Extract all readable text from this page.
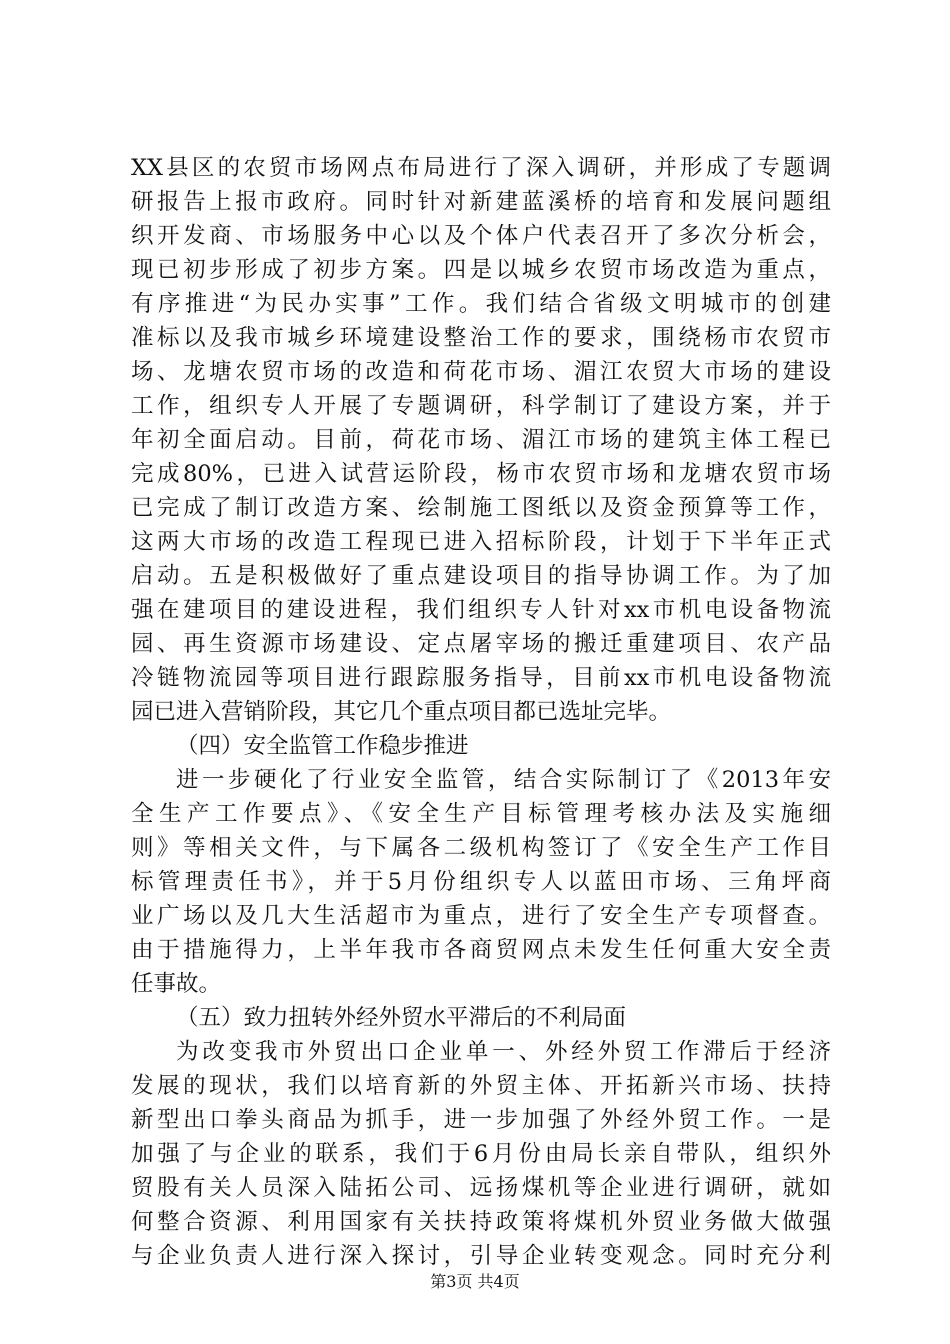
XX县区的农贸市场网点布局进行了深入调研，并形成了专题调
研报告上报市政府。同时针对新建蓝溪桥的培育和发展问题组
织开发商、市场服务中心以及个体户代表召开了多次分析会，
现已初步形成了初步方案。四是以城乡农贸市场改造为重点，
有序推进“为民办实事”工作。我们结合省级文明城市的创建
准标以及我市城乡环境建设整治工作的要求，围绕杨市农贸市
场、龙塘农贸市场的改造和荷花市场、湄江农贸大市场的建设
工作，组织专人开展了专题调研，科学制订了建设方案，并于
年初全面启动。目前，荷花市场、湄江市场的建筑主体工程已
完成80%，已进入试营运阶段，杨市农贸市场和龙塘农贸市场
已完成了制订改造方案、绘制施工图纸以及资金预算等工作，
这两大市场的改造工程现已进入招标阶段，计划于下半年正式
启动。五是积极做好了重点建设项目的指导协调工作。为了加
强在建项目的建设进程，我们组织专人针对xx市机电设备物流
园、再生资源市场建设、定点屠宰场的搬迁重建项目、农产品
冷链物流园等项目进行跟踪服务指导，目前xx市机电设备物流
园已进入营销阶段，其它几个重点项目都已选址完毕。
（四）安全监管工作稳步推进
进一步硬化了行业安全监管，结合实际制订了《2013年安
全生产工作要点》、《安全生产目标管理考核办法及实施细
则》等相关文件，与下属各二级机构签订了《安全生产工作目
标管理责任书》，并于5月份组织专人以蓝田市场、三角坪商
业广场以及几大生活超市为重点，进行了安全生产专项督查。
由于措施得力，上半年我市各商贸网点未发生任何重大安全责
任事故。
（五）致力扭转外经外贸水平滞后的不利局面
为改变我市外贸出口企业单一、外经外贸工作滞后于经济
发展的现状，我们以培育新的外贸主体、开拓新兴市场、扶持
新型出口拳头商品为抓手，进一步加强了外经外贸工作。一是
加强了与企业的联系，我们于6月份由局长亲自带队，组织外
贸股有关人员深入陆拓公司、远扬煤机等企业进行调研，就如
何整合资源、利用国家有关扶持政策将煤机外贸业务做大做强
与企业负责人进行深入探讨，引导企业转变观念。同时充分利
第3页 共4页
